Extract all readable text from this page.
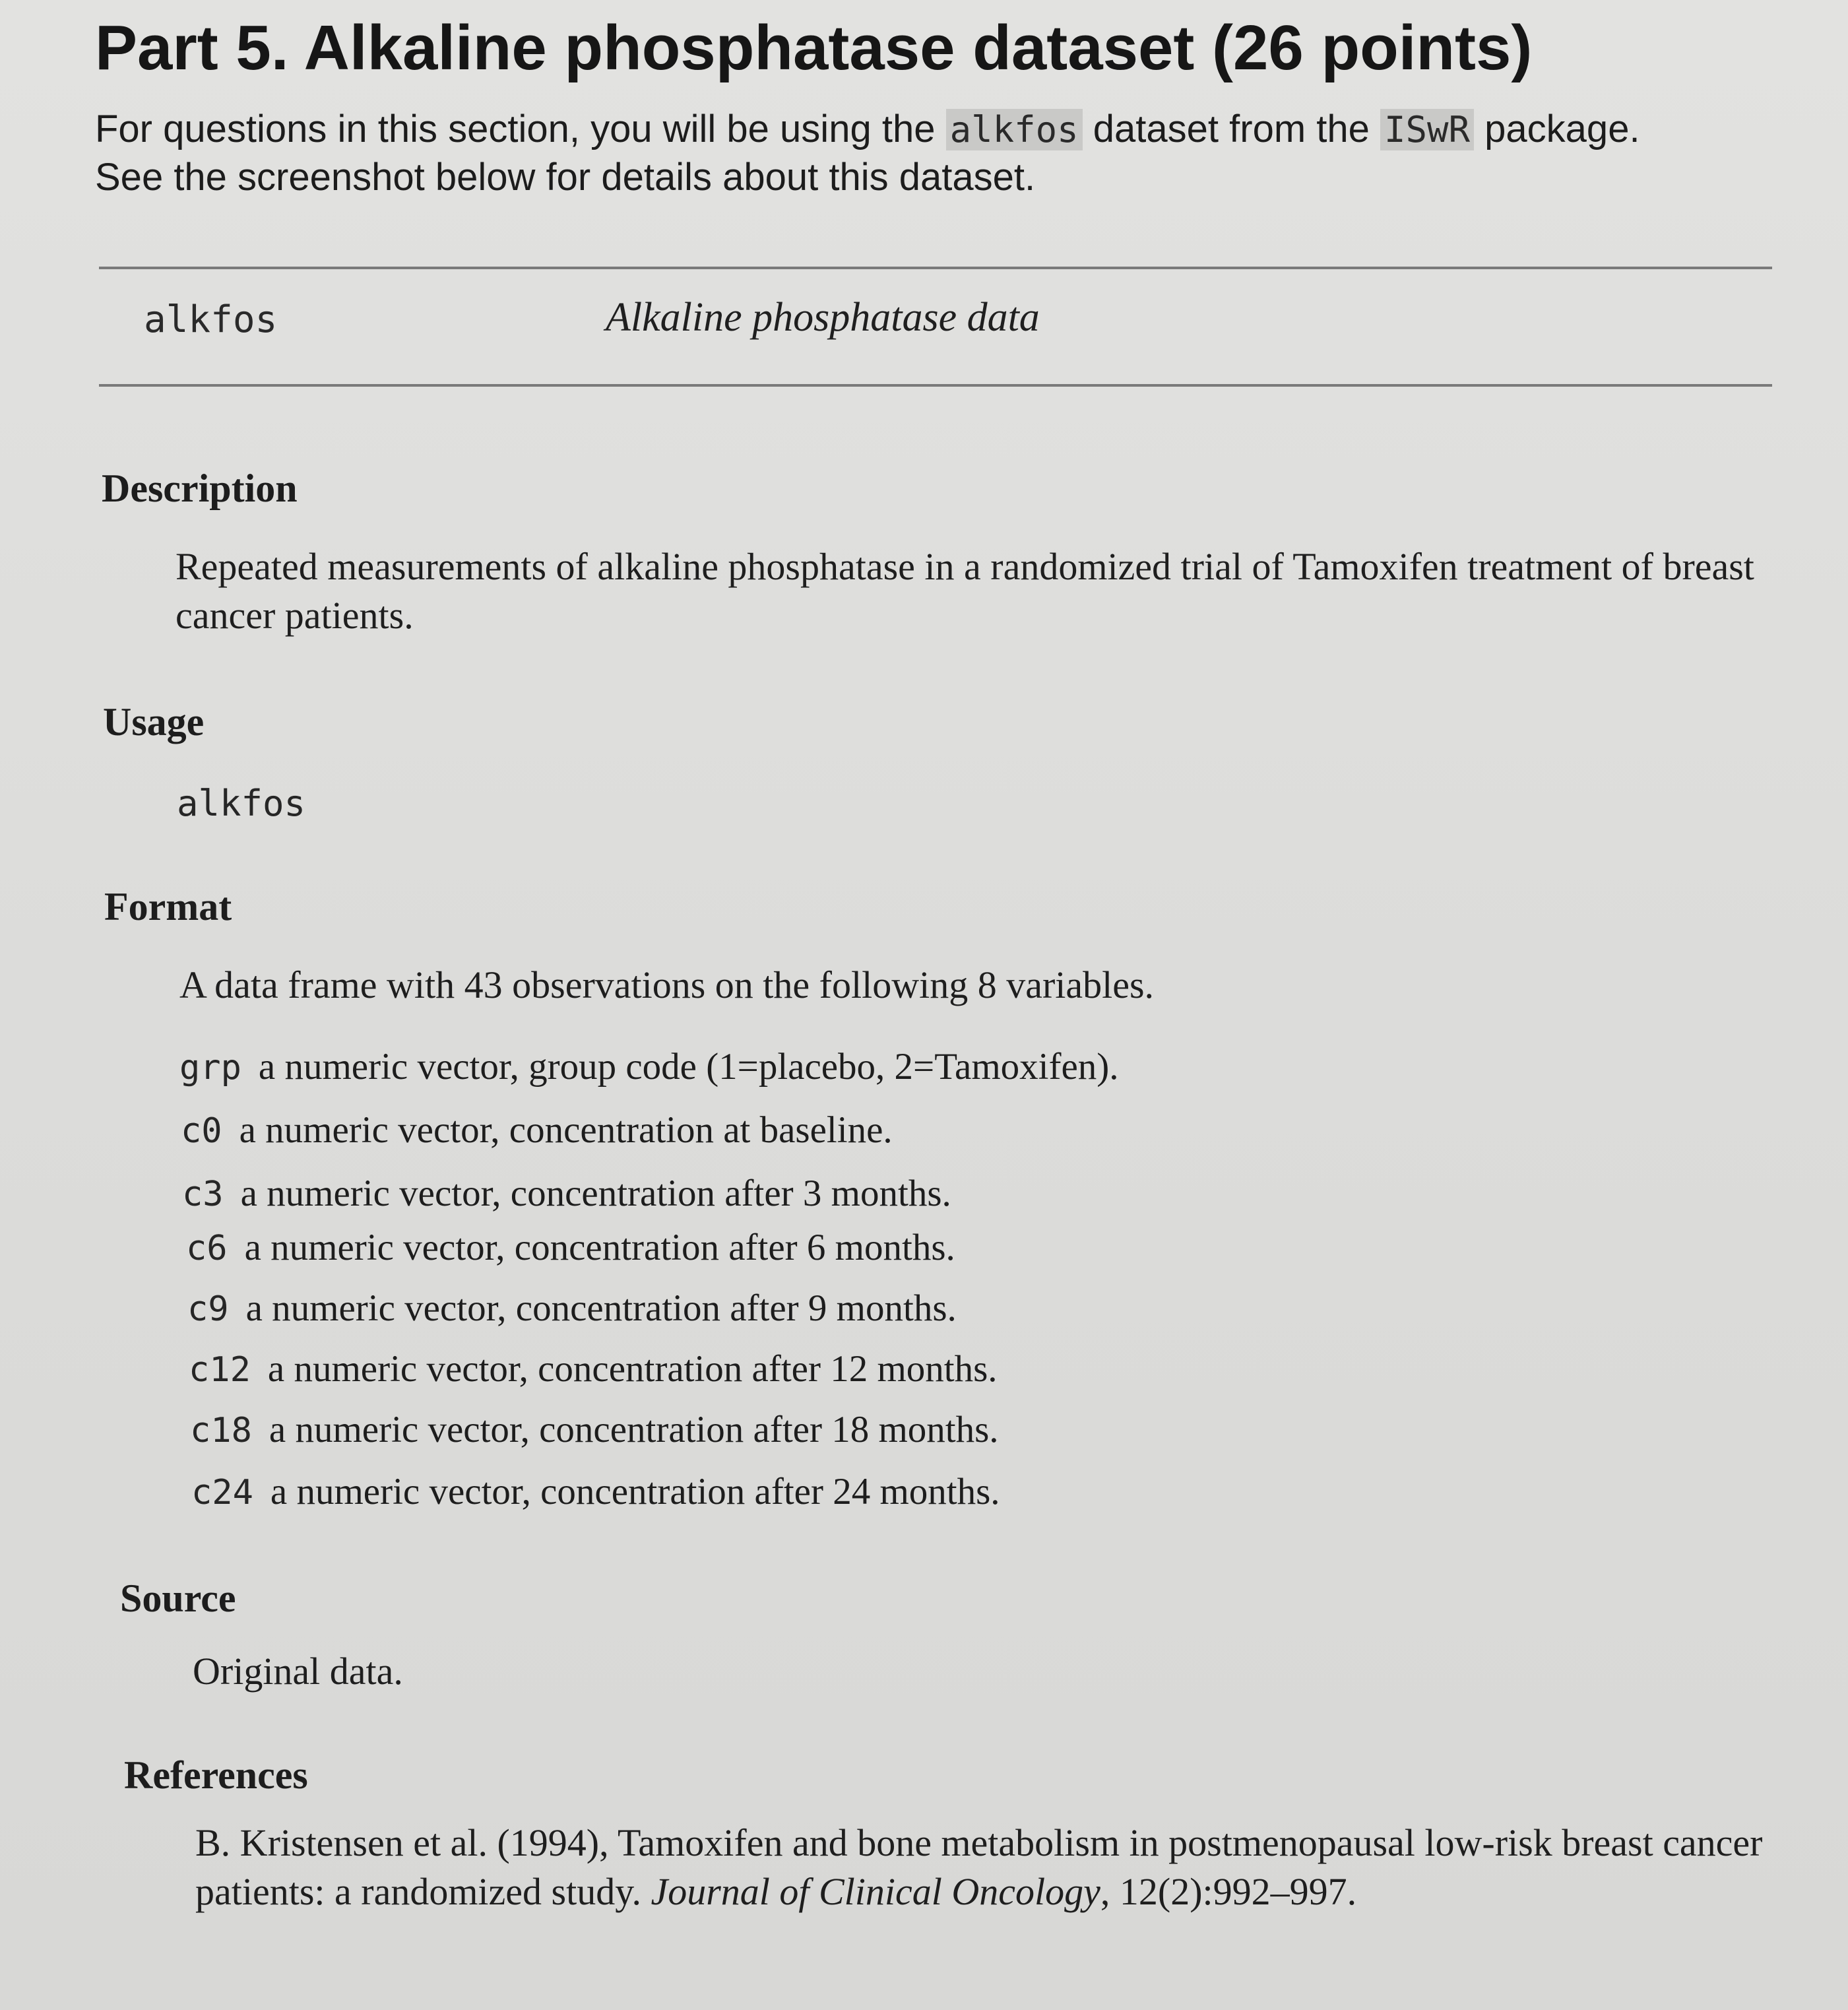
Part 5. Alkaline phosphatase dataset (26 points)
For questions in this section, you will be using the alkfos dataset from the ISwR package.
See the screenshot below for details about this dataset.
alkfos	Alkaline phosphatase data
Description

Repeated measurements of alkaline phosphatase in a randomized trial of Tamoxifen treatment of breast cancer patients.

Usage
alkfos
Format

A data frame with 43 observations on the following 8 variables.

grp a numeric vector, group code (1=placebo, 2=Tamoxifen).
c0 a numeric vector, concentration at baseline.
c3 a numeric vector, concentration after 3 months.
c6 a numeric vector, concentration after 6 months.
c9 a numeric vector, concentration after 9 months.
c12 a numeric vector, concentration after 12 months.
c18 a numeric vector, concentration after 18 months.
c24 a numeric vector, concentration after 24 months.
Source

Original data.

References

B. Kristensen et al. (1994), Tamoxifen and bone metabolism in postmenopausal low-risk breast cancer patients: a randomized study. Journal of Clinical Oncology, 12(2):992–997.
